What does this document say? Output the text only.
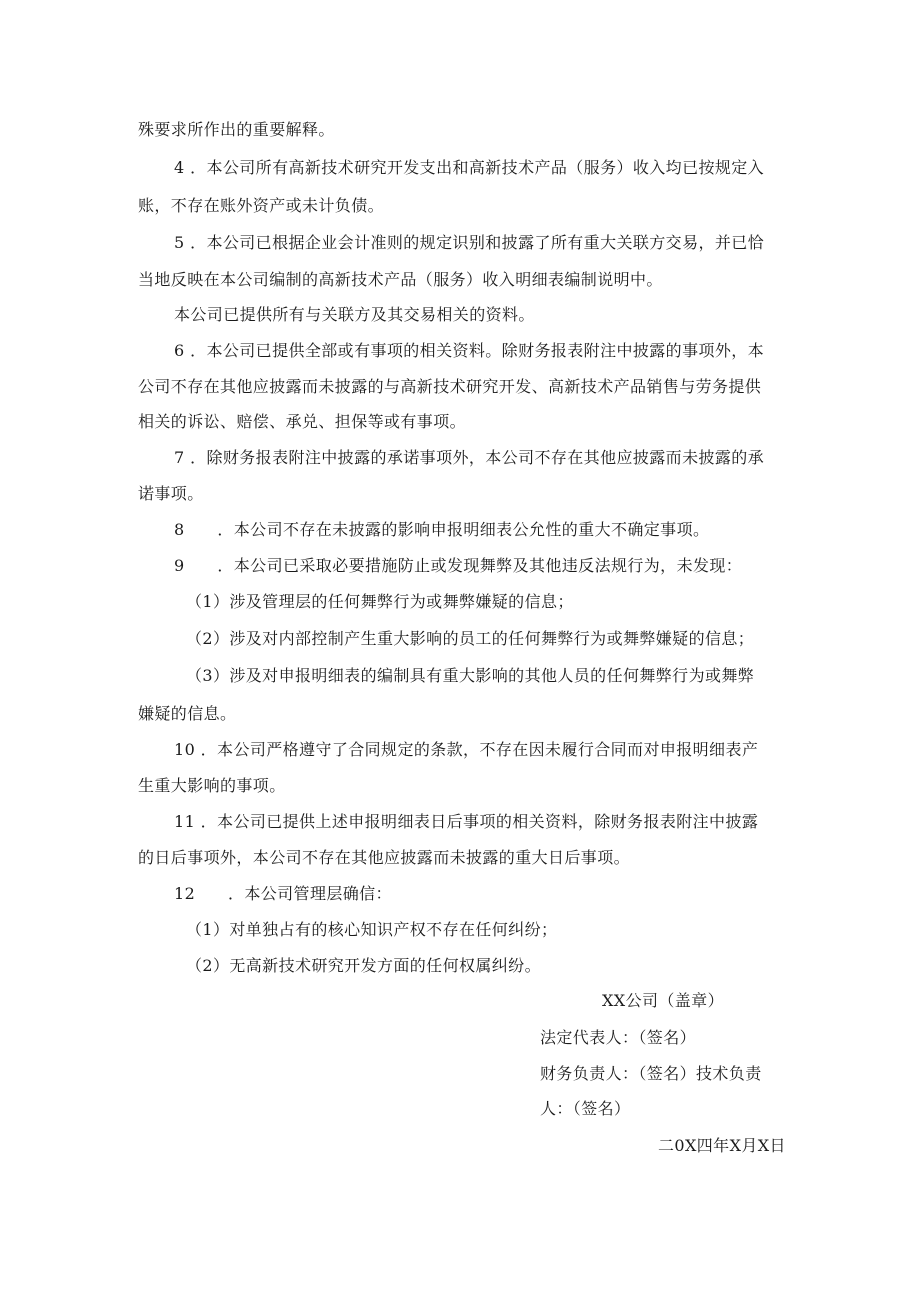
殊要求所作出的重要解释。
4 ．本公司所有高新技术研究开发支出和高新技术产品（服务）收入均已按规定入
账，不存在账外资产或未计负债。
5 ．本公司已根据企业会计准则的规定识别和披露了所有重大关联方交易，并已恰
当地反映在本公司编制的高新技术产品（服务）收入明细表编制说明中。
本公司已提供所有与关联方及其交易相关的资料。
6 ．本公司已提供全部或有事项的相关资料。除财务报表附注中披露的事项外，本
公司不存在其他应披露而未披露的与高新技术研究开发、高新技术产品销售与劳务提供
相关的诉讼、赔偿、承兑、担保等或有事项。
7 ．除财务报表附注中披露的承诺事项外，本公司不存在其他应披露而未披露的承
诺事项。
8　　．本公司不存在未披露的影响申报明细表公允性的重大不确定事项。
9　　．本公司已采取必要措施防止或发现舞弊及其他违反法规行为，未发现：
（1）涉及管理层的任何舞弊行为或舞弊嫌疑的信息；
（2）涉及对内部控制产生重大影响的员工的任何舞弊行为或舞弊嫌疑的信息；
（3）涉及对申报明细表的编制具有重大影响的其他人员的任何舞弊行为或舞弊
嫌疑的信息。
10 ．本公司严格遵守了合同规定的条款，不存在因未履行合同而对申报明细表产
生重大影响的事项。
11 ．本公司已提供上述申报明细表日后事项的相关资料，除财务报表附注中披露
的日后事项外，本公司不存在其他应披露而未披露的重大日后事项。
12　　．本公司管理层确信：
（1）对单独占有的核心知识产权不存在任何纠纷；
（2）无高新技术研究开发方面的任何权属纠纷。
XX公司（盖章）
法定代表人：（签名）
财务负责人：（签名）技术负责
人：（签名）
二0X四年X月X日
